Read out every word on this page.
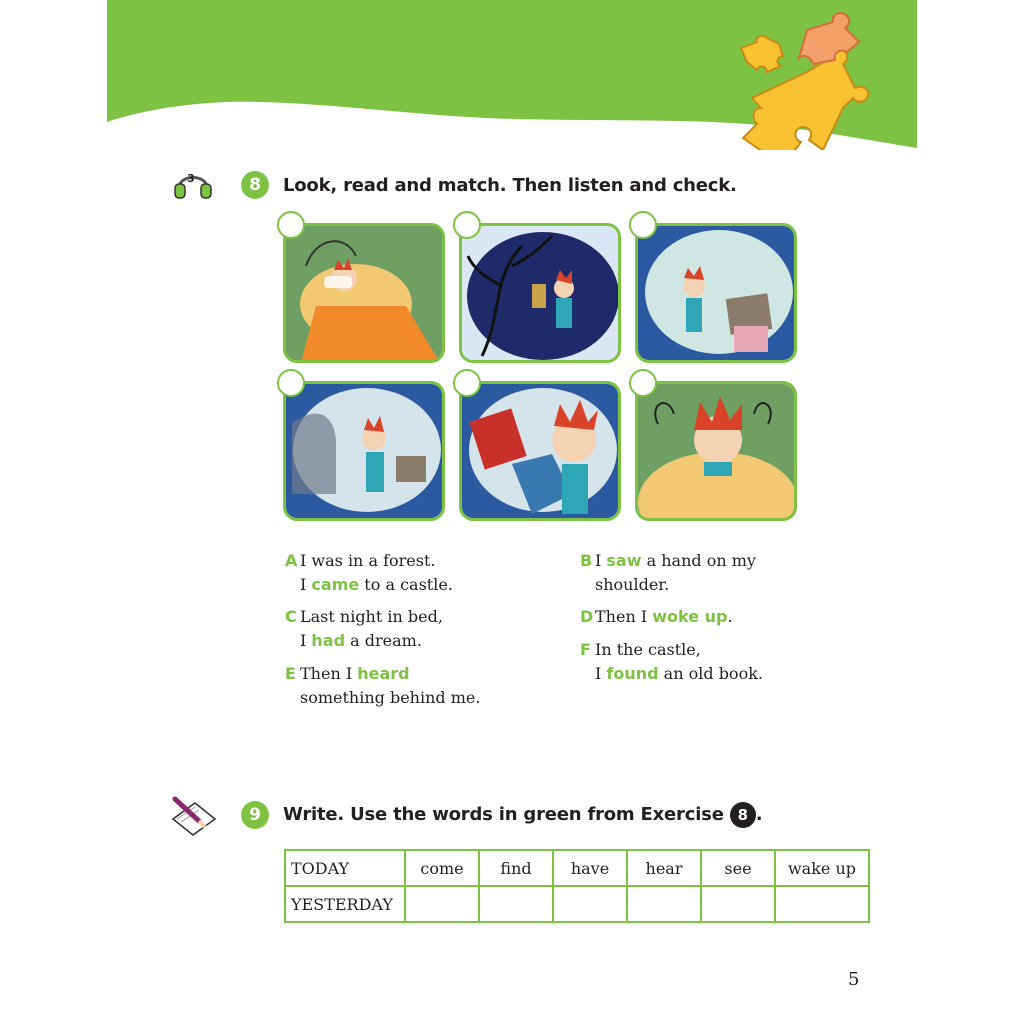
3	8	Look, read and match. Then listen and check.
A I was in a forest.
I came to a castle.
B I saw a hand on my
shoulder.
C Last night in bed,
I had a dream.
D Then I woke up.
E Then I heard
something behind me.
F In the castle,
I found an old book.
9	Write. Use the words in green from Exercise 8 .
TODAY	come	find	have	hear	see	wake up
YESTERDAY						
5
